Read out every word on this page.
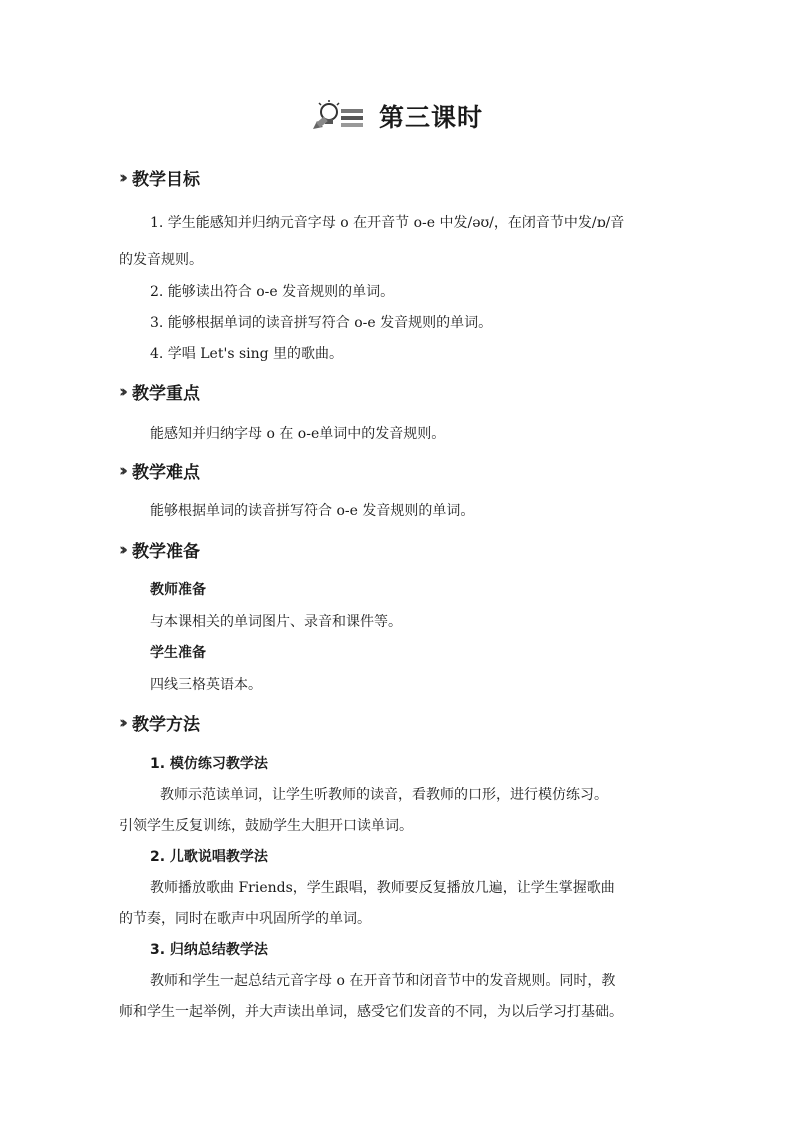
第三课时
›› 教学目标
1. 学生能感知并归纳元音字母 o 在开音节 o-e 中发/əʊ/，在闭音节中发/ɒ/音
的发音规则。
2. 能够读出符合 o-e 发音规则的单词。
3. 能够根据单词的读音拼写符合 o-e 发音规则的单词。
4. 学唱 Let's sing 里的歌曲。
›› 教学重点
能感知并归纳字母 o 在 o-e单词中的发音规则。
›› 教学难点
能够根据单词的读音拼写符合 o-e 发音规则的单词。
›› 教学准备
教师准备
与本课相关的单词图片、录音和课件等。
学生准备
四线三格英语本。
›› 教学方法
1. 模仿练习教学法
教师示范读单词，让学生听教师的读音，看教师的口形，进行模仿练习。
引领学生反复训练，鼓励学生大胆开口读单词。
2. 儿歌说唱教学法
教师播放歌曲 Friends，学生跟唱，教师要反复播放几遍，让学生掌握歌曲
的节奏，同时在歌声中巩固所学的单词。
3. 归纳总结教学法
教师和学生一起总结元音字母 o 在开音节和闭音节中的发音规则。同时，教
师和学生一起举例，并大声读出单词，感受它们发音的不同，为以后学习打基础。
